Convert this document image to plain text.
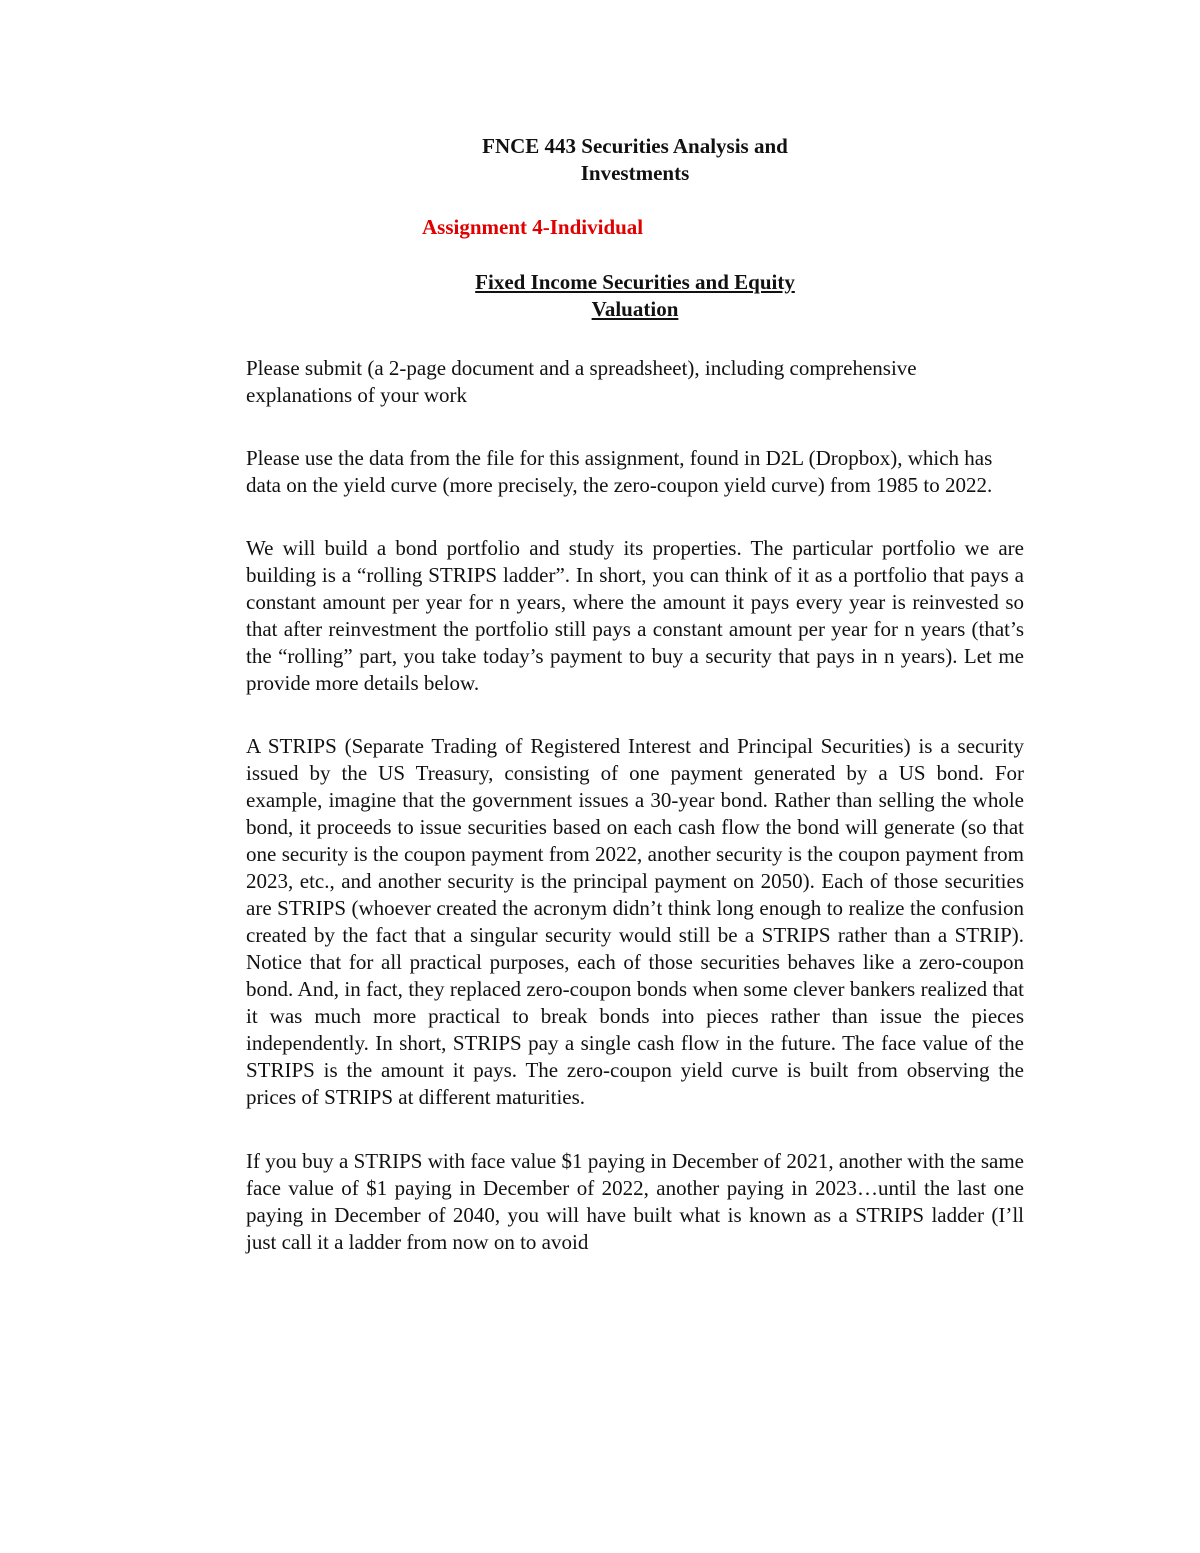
FNCE 443 Securities Analysis and
Investments
Assignment 4-Individual
Fixed Income Securities and Equity
Valuation

Please submit (a 2-page document and a spreadsheet), including comprehensive explanations of your work

Please use the data from the file for this assignment, found in D2L (Dropbox), which has data on the yield curve (more precisely, the zero-coupon yield curve) from 1985 to 2022.

We will build a bond portfolio and study its properties. The particular portfolio we are building is a “rolling STRIPS ladder”. In short, you can think of it as a portfolio that pays a constant amount per year for n years, where the amount it pays every year is reinvested so that after reinvestment the portfolio still pays a constant amount per year for n years (that’s the “rolling” part, you take today’s payment to buy a security that pays in n years). Let me provide more details below.

A STRIPS (Separate Trading of Registered Interest and Principal Securities) is a security issued by the US Treasury, consisting of one payment generated by a US bond. For example, imagine that the government issues a 30-year bond. Rather than selling the whole bond, it proceeds to issue securities based on each cash flow the bond will generate (so that one security is the coupon payment from 2022, another security is the coupon payment from 2023, etc., and another security is the principal payment on 2050). Each of those securities are STRIPS (whoever created the acronym didn’t think long enough to realize the confusion created by the fact that a singular security would still be a STRIPS rather than a STRIP). Notice that for all practical purposes, each of those securities behaves like a zero-coupon bond. And, in fact, they replaced zero-coupon bonds when some clever bankers realized that it was much more practical to break bonds into pieces rather than issue the pieces independently. In short, STRIPS pay a single cash flow in the future. The face value of the STRIPS is the amount it pays. The zero-coupon yield curve is built from observing the prices of STRIPS at different maturities.

If you buy a STRIPS with face value $1 paying in December of 2021, another with the same face value of $1 paying in December of 2022, another paying in 2023…until the last one paying in December of 2040, you will have built what is known as a STRIPS ladder (I’ll just call it a ladder from now on to avoid
